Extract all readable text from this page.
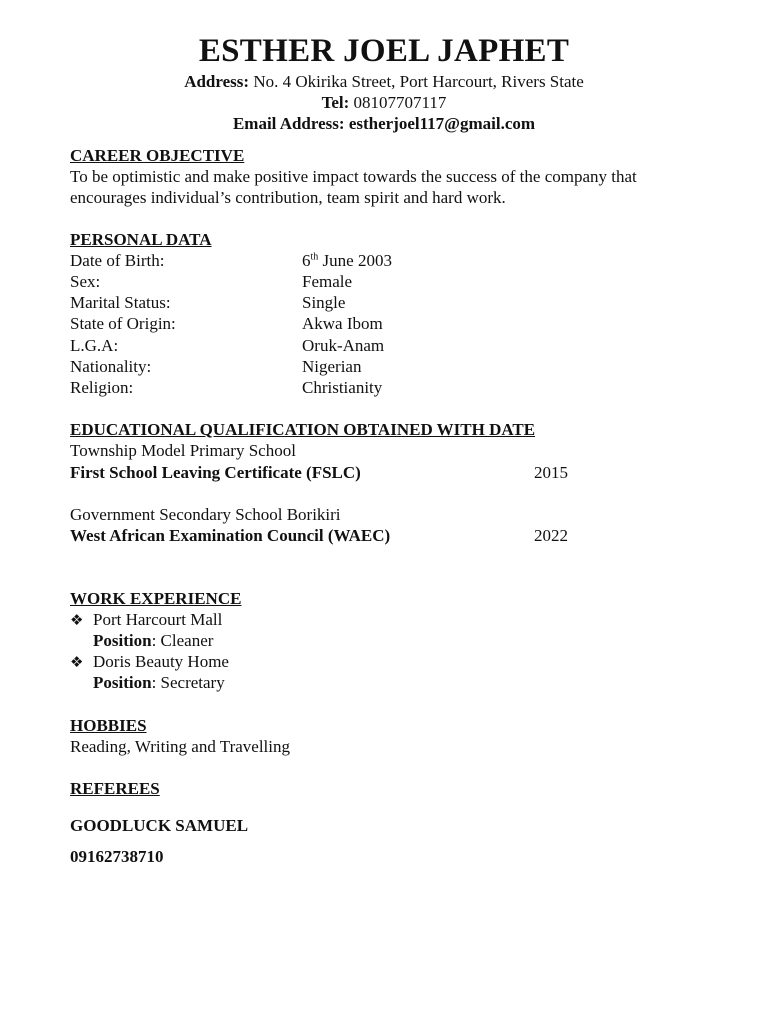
ESTHER JOEL JAPHET
Address: No. 4 Okirika Street, Port Harcourt, Rivers State
Tel: 08107707117
Email Address: estherjoel117@gmail.com
CAREER OBJECTIVE
To be optimistic and make positive impact towards the success of the company that encourages individual’s contribution, team spirit and hard work.
PERSONAL DATA
Date of Birth:	6th June 2003
Sex:	Female
Marital Status:	Single
State of Origin:	Akwa Ibom
L.G.A:	Oruk-Anam
Nationality:	Nigerian
Religion:	Christianity
EDUCATIONAL QUALIFICATION OBTAINED WITH DATE
Township Model Primary School
First School Leaving Certificate (FSLC)	2015
Government Secondary School Borikiri
West African Examination Council (WAEC)	2022
WORK EXPERIENCE
❖ Port Harcourt Mall
Position: Cleaner
❖ Doris Beauty Home
Position: Secretary
HOBBIES
Reading, Writing and Travelling
REFEREES
GOODLUCK SAMUEL
09162738710
